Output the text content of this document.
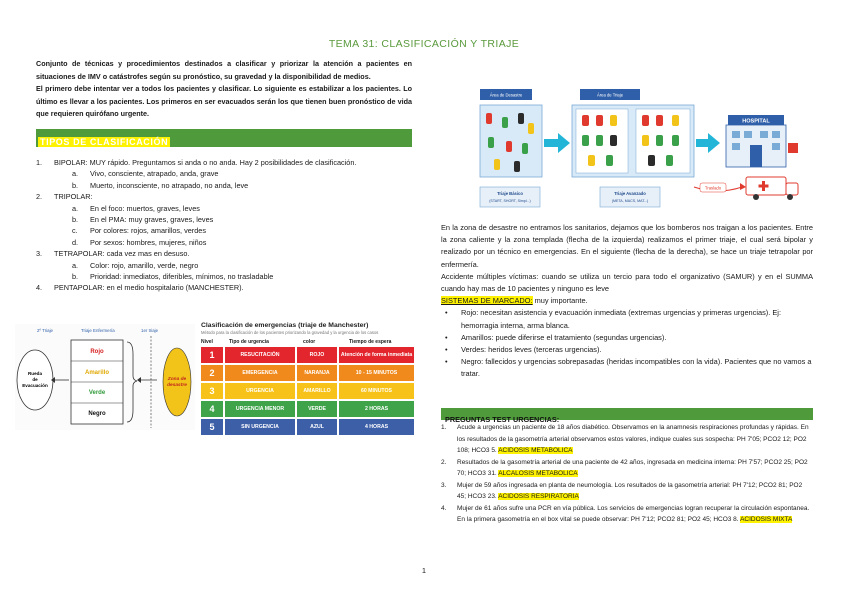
TEMA 31: CLASIFICACIÓN Y TRIAJE

Conjunto de técnicas y procedimientos destinados a clasificar y priorizar la atención a pacientes en situaciones de IMV o catástrofes según su pronóstico, su gravedad y la disponibilidad de medios.

El primero debe intentar ver a todos los pacientes y clasificar. Lo siguiente es estabilizar a los pacientes. Lo último es llevar a los pacientes. Los primeros en ser evacuados serán los que tienen buen pronóstico de vida que requieren quirófano urgente.

TIPOS DE CLASIFICACIÓN
1. BIPOLAR: MUY rápido. Preguntamos si anda o no anda. Hay 2 posibilidades de clasificación.
a. Vivo, consciente, atrapado, anda, grave
b. Muerto, inconsciente, no atrapado, no anda, leve
2. TRIPOLAR:
a. En el foco: muertos, graves, leves
b. En el PMA: muy graves, graves, leves
c. Por colores: rojos, amarillos, verdes
d. Por sexos: hombres, mujeres, niños
3. TETRAPOLAR: cada vez mas en desuso.
a. Color: rojo, amarillo, verde, negro
b. Prioridad: inmediatos, diferibles, mínimos, no trasladable
4. PENTAPOLAR: en el medio hospitalario (MANCHESTER).
2º Triaje	Triaje Enfermería	1er triaje
Rueda
de
Evacuación
Rojo
Amarillo
Verde
Negro
Zona de
desastre
Clasificación de emergencias (triaje de Manchester)
Método para la clasificación de los pacientes priorizando la gravedad y la urgencia de los casos
Nivel	Tipo de urgencia	color	Tiempo de espera
1	RESUCITACIÓN	ROJO	Atención de forma inmediata
2	EMERGENCIA	NARANJA	10 - 15 MINUTOS
3	URGENCIA	AMARILLO	60 MINUTOS
4	URGENCIA MENOR	VERDE	2 HORAS
5	SIN URGENCIA	AZUL	4 HORAS
Área de Desastre	Área de Triaje
HOSPITAL
Traslado
Triaje Básico
(START, SHORT, Simpl...)
Triaje Avanzado
(META, MACS, MAT...)

En la zona de desastre no entramos los sanitarios, dejamos que los bomberos nos traigan a los pacientes. Entre la zona caliente y la zona templada (flecha de la izquierda) realizamos el primer triaje, el cual será bipolar y realizado por un técnico en emergencias. En el siguiente (flecha de la derecha), se hace un triaje tetrapolar por enfermería.

Accidente múltiples víctimas: cuando se utiliza un tercio para todo el organizativo (SAMUR) y en el SUMMA cuando hay mas de 10 pacientes y ninguno es leve

SISTEMAS DE MARCADO: muy importante.

• Rojo: necesitan asistencia y evacuación inmediata (extremas urgencias y primeras urgencias). Ej: hemorragia interna, arma blanca.
• Amarillos: puede diferirse el tratamiento (segundas urgencias).
• Verdes: heridos leves (terceras urgencias).
• Negro: fallecidos y urgencias sobrepasadas (heridas incompatibles con la vida). Pacientes que no vamos a tratar.
PREGUNTAS TEST URGENCIAS:
1. Acude a urgencias un paciente de 18 años diabético. Observamos en la anamnesis respiraciones profundas y rápidas. En los resultados de la gasometría arterial observamos estos valores, indique cuales sus sospecha: PH 7'05; PCO2 12; PO2 108; HCO3 5. ACIDOSIS METABOLICA
2. Resultados de la gasometría arterial de una paciente de 42 años, ingresada en medicina interna: PH 7'57; PCO2 25; PO2 70; HCO3 31. ALCALOSIS METABOLICA
3. Mujer de 59 años ingresada en planta de neumología. Los resultados de la gasometría arterial: PH 7'12; PCO2 81; PO2 45; HCO3 23. ACIDOSIS RESPIRATORIA
4. Mujer de 61 años sufre una PCR en vía pública. Los servicios de emergencias logran recuperar la circulación espontanea. En la primera gasometría en el box vital se puede observar: PH 7'12; PCO2 81; PO2 45; HCO3 8. ACIDOSIS MIXTA
1
